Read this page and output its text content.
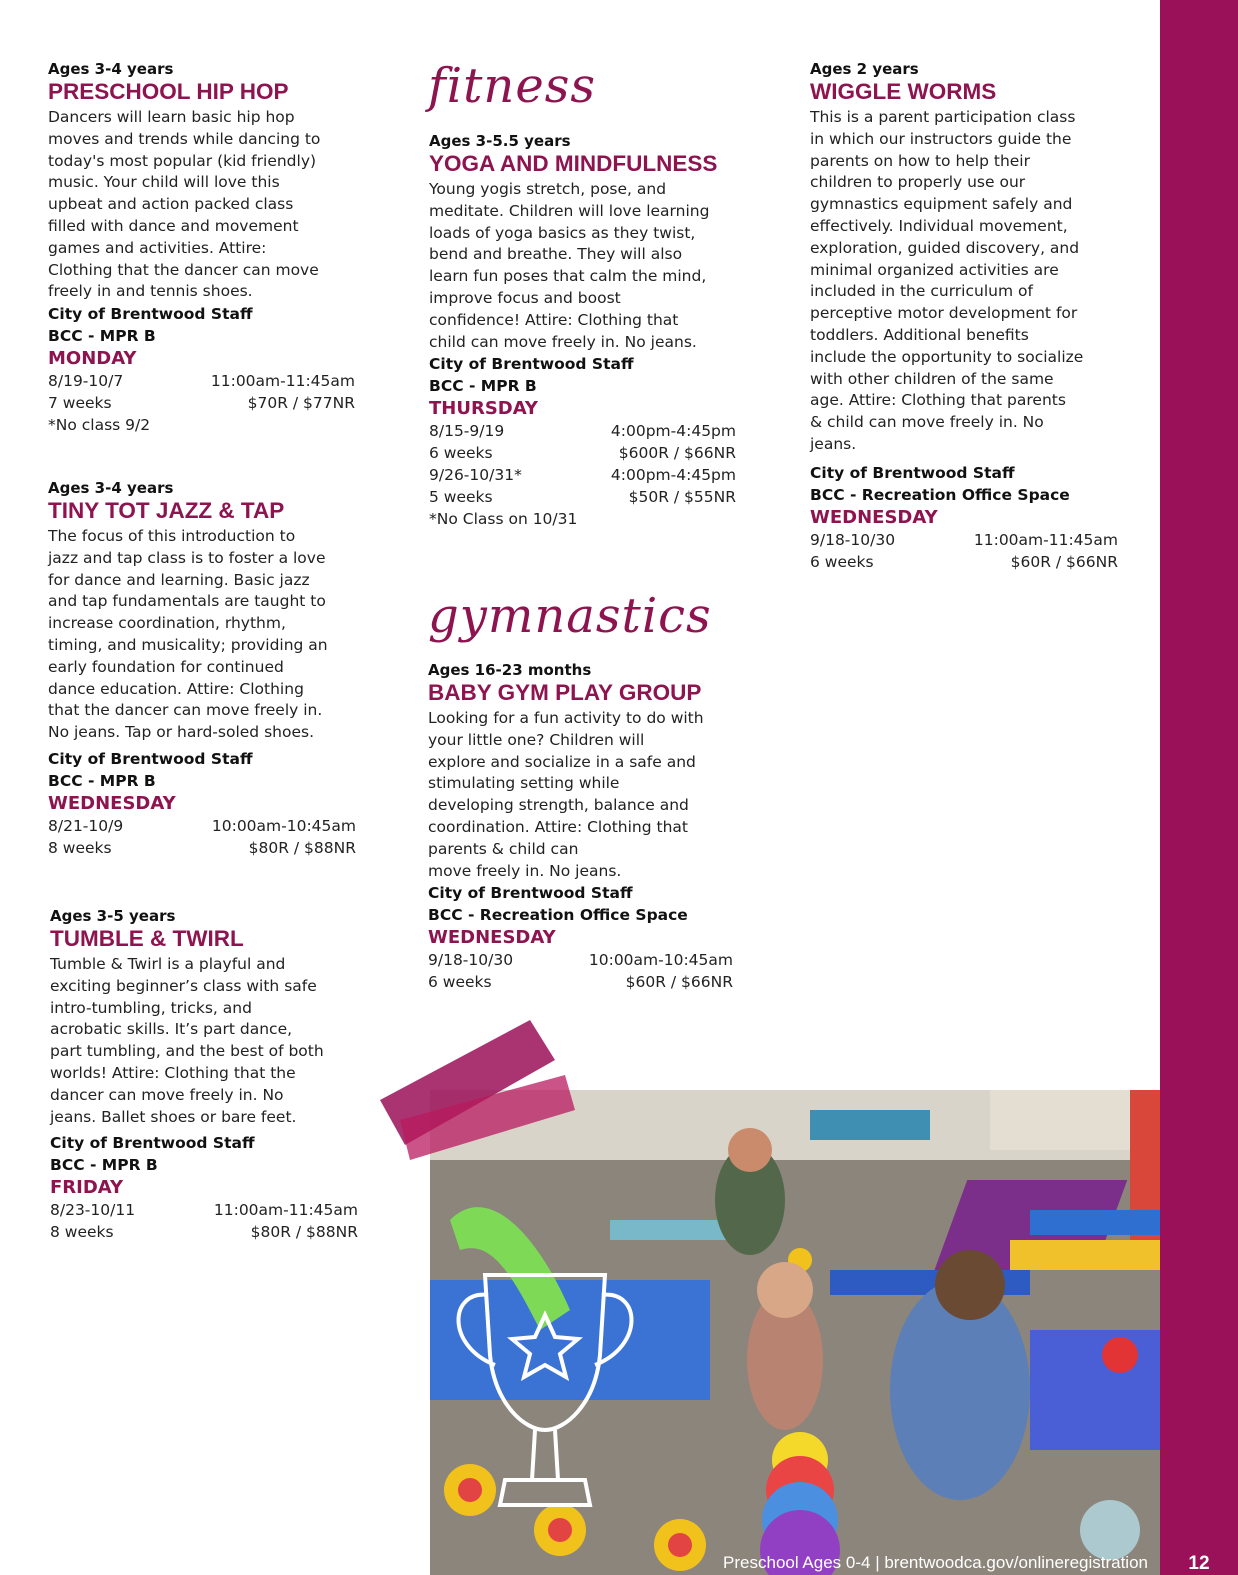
Ages 3-4 years
PRESCHOOL HIP HOP
Dancers will learn basic hip hop
moves and trends while dancing to
today's most popular (kid friendly)
music. Your child will love this
upbeat and action packed class
filled with dance and movement
games and activities. Attire:
Clothing that the dancer can move
freely in and tennis shoes.
City of Brentwood Staff
BCC - MPR B
MONDAY
8/19-10/7	11:00am-11:45am
7 weeks	$70R / $77NR
*No class 9/2
Ages 3-4 years
TINY TOT JAZZ & TAP
The focus of this introduction to
jazz and tap class is to foster a love
for dance and learning. Basic jazz
and tap fundamentals are taught to
increase coordination, rhythm,
timing, and musicality; providing an
early foundation for continued
dance education. Attire: Clothing
that the dancer can move freely in.
No jeans. Tap or hard-soled shoes.
City of Brentwood Staff
BCC - MPR B
WEDNESDAY
8/21-10/9	10:00am-10:45am
8 weeks	$80R / $88NR
Ages 3-5 years
TUMBLE & TWIRL
Tumble & Twirl is a playful and
exciting beginner’s class with safe
intro-tumbling, tricks, and
acrobatic skills. It’s part dance,
part tumbling, and the best of both
worlds! Attire: Clothing that the
dancer can move freely in. No
jeans. Ballet shoes or bare feet.
City of Brentwood Staff
BCC - MPR B
FRIDAY
8/23-10/11	11:00am-11:45am
8 weeks	$80R / $88NR
fitness
Ages 3-5.5 years
YOGA AND MINDFULNESS
Young yogis stretch, pose, and
meditate. Children will love learning
loads of yoga basics as they twist,
bend and breathe. They will also
learn fun poses that calm the mind,
improve focus and boost
confidence! Attire: Clothing that
child can move freely in. No jeans.
City of Brentwood Staff
BCC - MPR B
THURSDAY
8/15-9/19	4:00pm-4:45pm
6 weeks	$600R / $66NR
9/26-10/31*	4:00pm-4:45pm
5 weeks	$50R / $55NR
*No Class on 10/31
gymnastics
Ages 16-23 months
BABY GYM PLAY GROUP
Looking for a fun activity to do with
your little one? Children will
explore and socialize in a safe and
stimulating setting while
developing strength, balance and
coordination. Attire: Clothing that
parents & child can
move freely in. No jeans.
City of Brentwood Staff
BCC - Recreation Office Space
WEDNESDAY
9/18-10/30	10:00am-10:45am
6 weeks	$60R / $66NR
Ages 2 years
WIGGLE WORMS
This is a parent participation class
in which our instructors guide the
parents on how to help their
children to properly use our
gymnastics equipment safely and
effectively. Individual movement,
exploration, guided discovery, and
minimal organized activities are
included in the curriculum of
perceptive motor development for
toddlers. Additional benefits
include the opportunity to socialize
with other children of the same
age. Attire: Clothing that parents
& child can move freely in. No
jeans.
City of Brentwood Staff
BCC - Recreation Office Space
WEDNESDAY
9/18-10/30	11:00am-11:45am
6 weeks	$60R / $66NR
Preschool Ages 0-4 | brentwoodca.gov/onlineregistration	12
